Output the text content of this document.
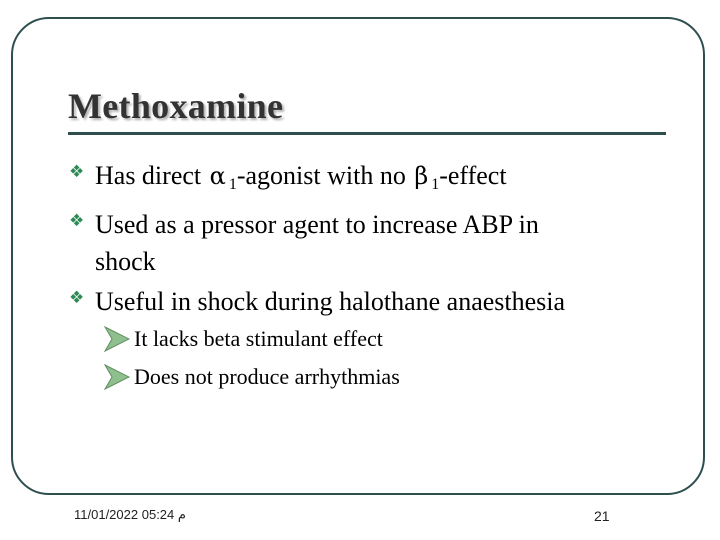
Methoxamine
❖ Has direct α $_1$-agonist with no β $_1$-effect
❖ Used as a pressor agent to increase ABP in
shock
❖ Useful in shock during halothane anaesthesia
It lacks beta stimulant effect
Does not produce arrhythmias
م 05:24 11/01/2022	21
